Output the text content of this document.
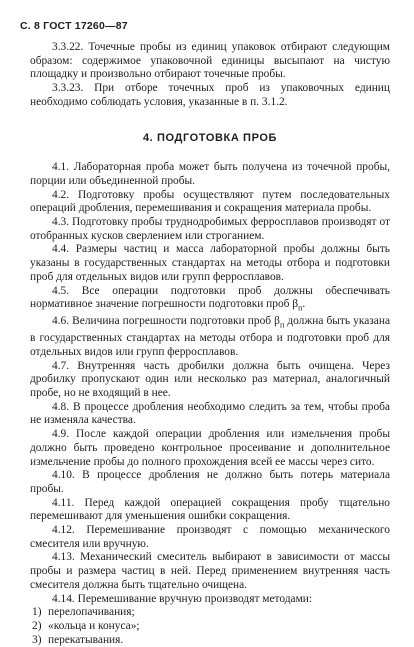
С. 8 ГОСТ 17260—87

3.3.22. Точечные пробы из единиц упаковок отбирают следующим образом: содержимое упаковочной единицы высыпают на чистую площадку и произвольно отбирают точечные пробы.

3.3.23. При отборе точечных проб из упаковочных единиц необходимо соблюдать условия, указанные в п. 3.1.2.

4. ПОДГОТОВКА ПРОБ

4.1. Лабораторная проба может быть получена из точечной пробы, порции или объединенной пробы.

4.2. Подготовку пробы осуществляют путем последовательных операций дробления, перемешивания и сокращения материала пробы.

4.3. Подготовку пробы труднодробимых ферросплавов производят от отобранных кусков сверлением или строганием.

4.4. Размеры частиц и масса лабораторной пробы должны быть указаны в государственных стандартах на методы отбора и подготовки проб для отдельных видов или групп ферросплавов.

4.5. Все операции подготовки проб должны обеспечивать нормативное значение погрешности подготовки проб $\beta_п$.

4.6. Величина погрешности подготовки проб $\beta_п$ должна быть указана в государственных стандартах на методы отбора и подготовки проб для отдельных видов или групп ферросплавов.

4.7. Внутренняя часть дробилки должна быть очищена. Через дробилку пропускают один или несколько раз материал, аналогичный пробе, но не входящий в нее.

4.8. В процессе дробления необходимо следить за тем, чтобы проба не изменяла качества.

4.9. После каждой операции дробления или измельчения пробы должно быть проведено контрольное просеивание и дополнительное измельчение пробы до полного прохождения всей ее массы через сито.

4.10. В процессе дробления не должно быть потерь материала пробы.

4.11. Перед каждой операцией сокращения пробу тщательно перемешивают для уменьшения ошибки сокращения.

4.12. Перемешивание производят с помощью механического смесителя или вручную.

4.13. Механический смеситель выбирают в зависимости от массы пробы и размера частиц в ней. Перед применением внутренняя часть смесителя должна быть тщательно очищена.

4.14. Перемешивание вручную производят методами:

1) перелопачивания;

2) «кольца и конуса»;

3) перекатывания.
